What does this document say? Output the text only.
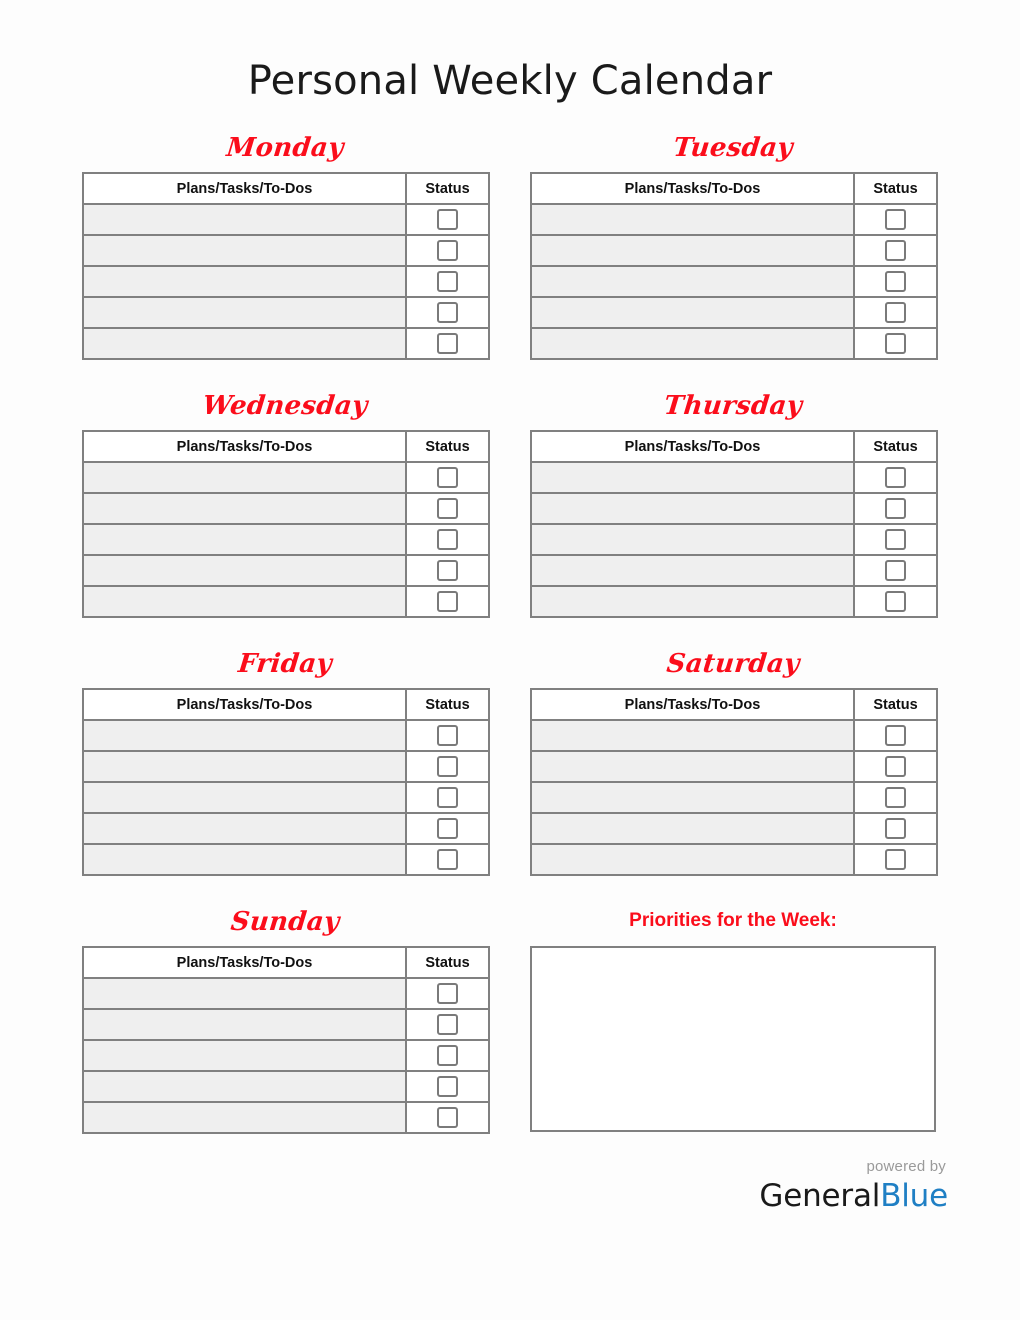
Personal Weekly Calendar
Monday
Plans/Tasks/To-Dos	Status

Tuesday
Plans/Tasks/To-Dos	Status

Wednesday
Plans/Tasks/To-Dos	Status

Thursday
Plans/Tasks/To-Dos	Status

Friday
Plans/Tasks/To-Dos	Status

Saturday
Plans/Tasks/To-Dos	Status

Sunday
Plans/Tasks/To-Dos	Status

Priorities for the Week:
powered by
GeneralBlue
